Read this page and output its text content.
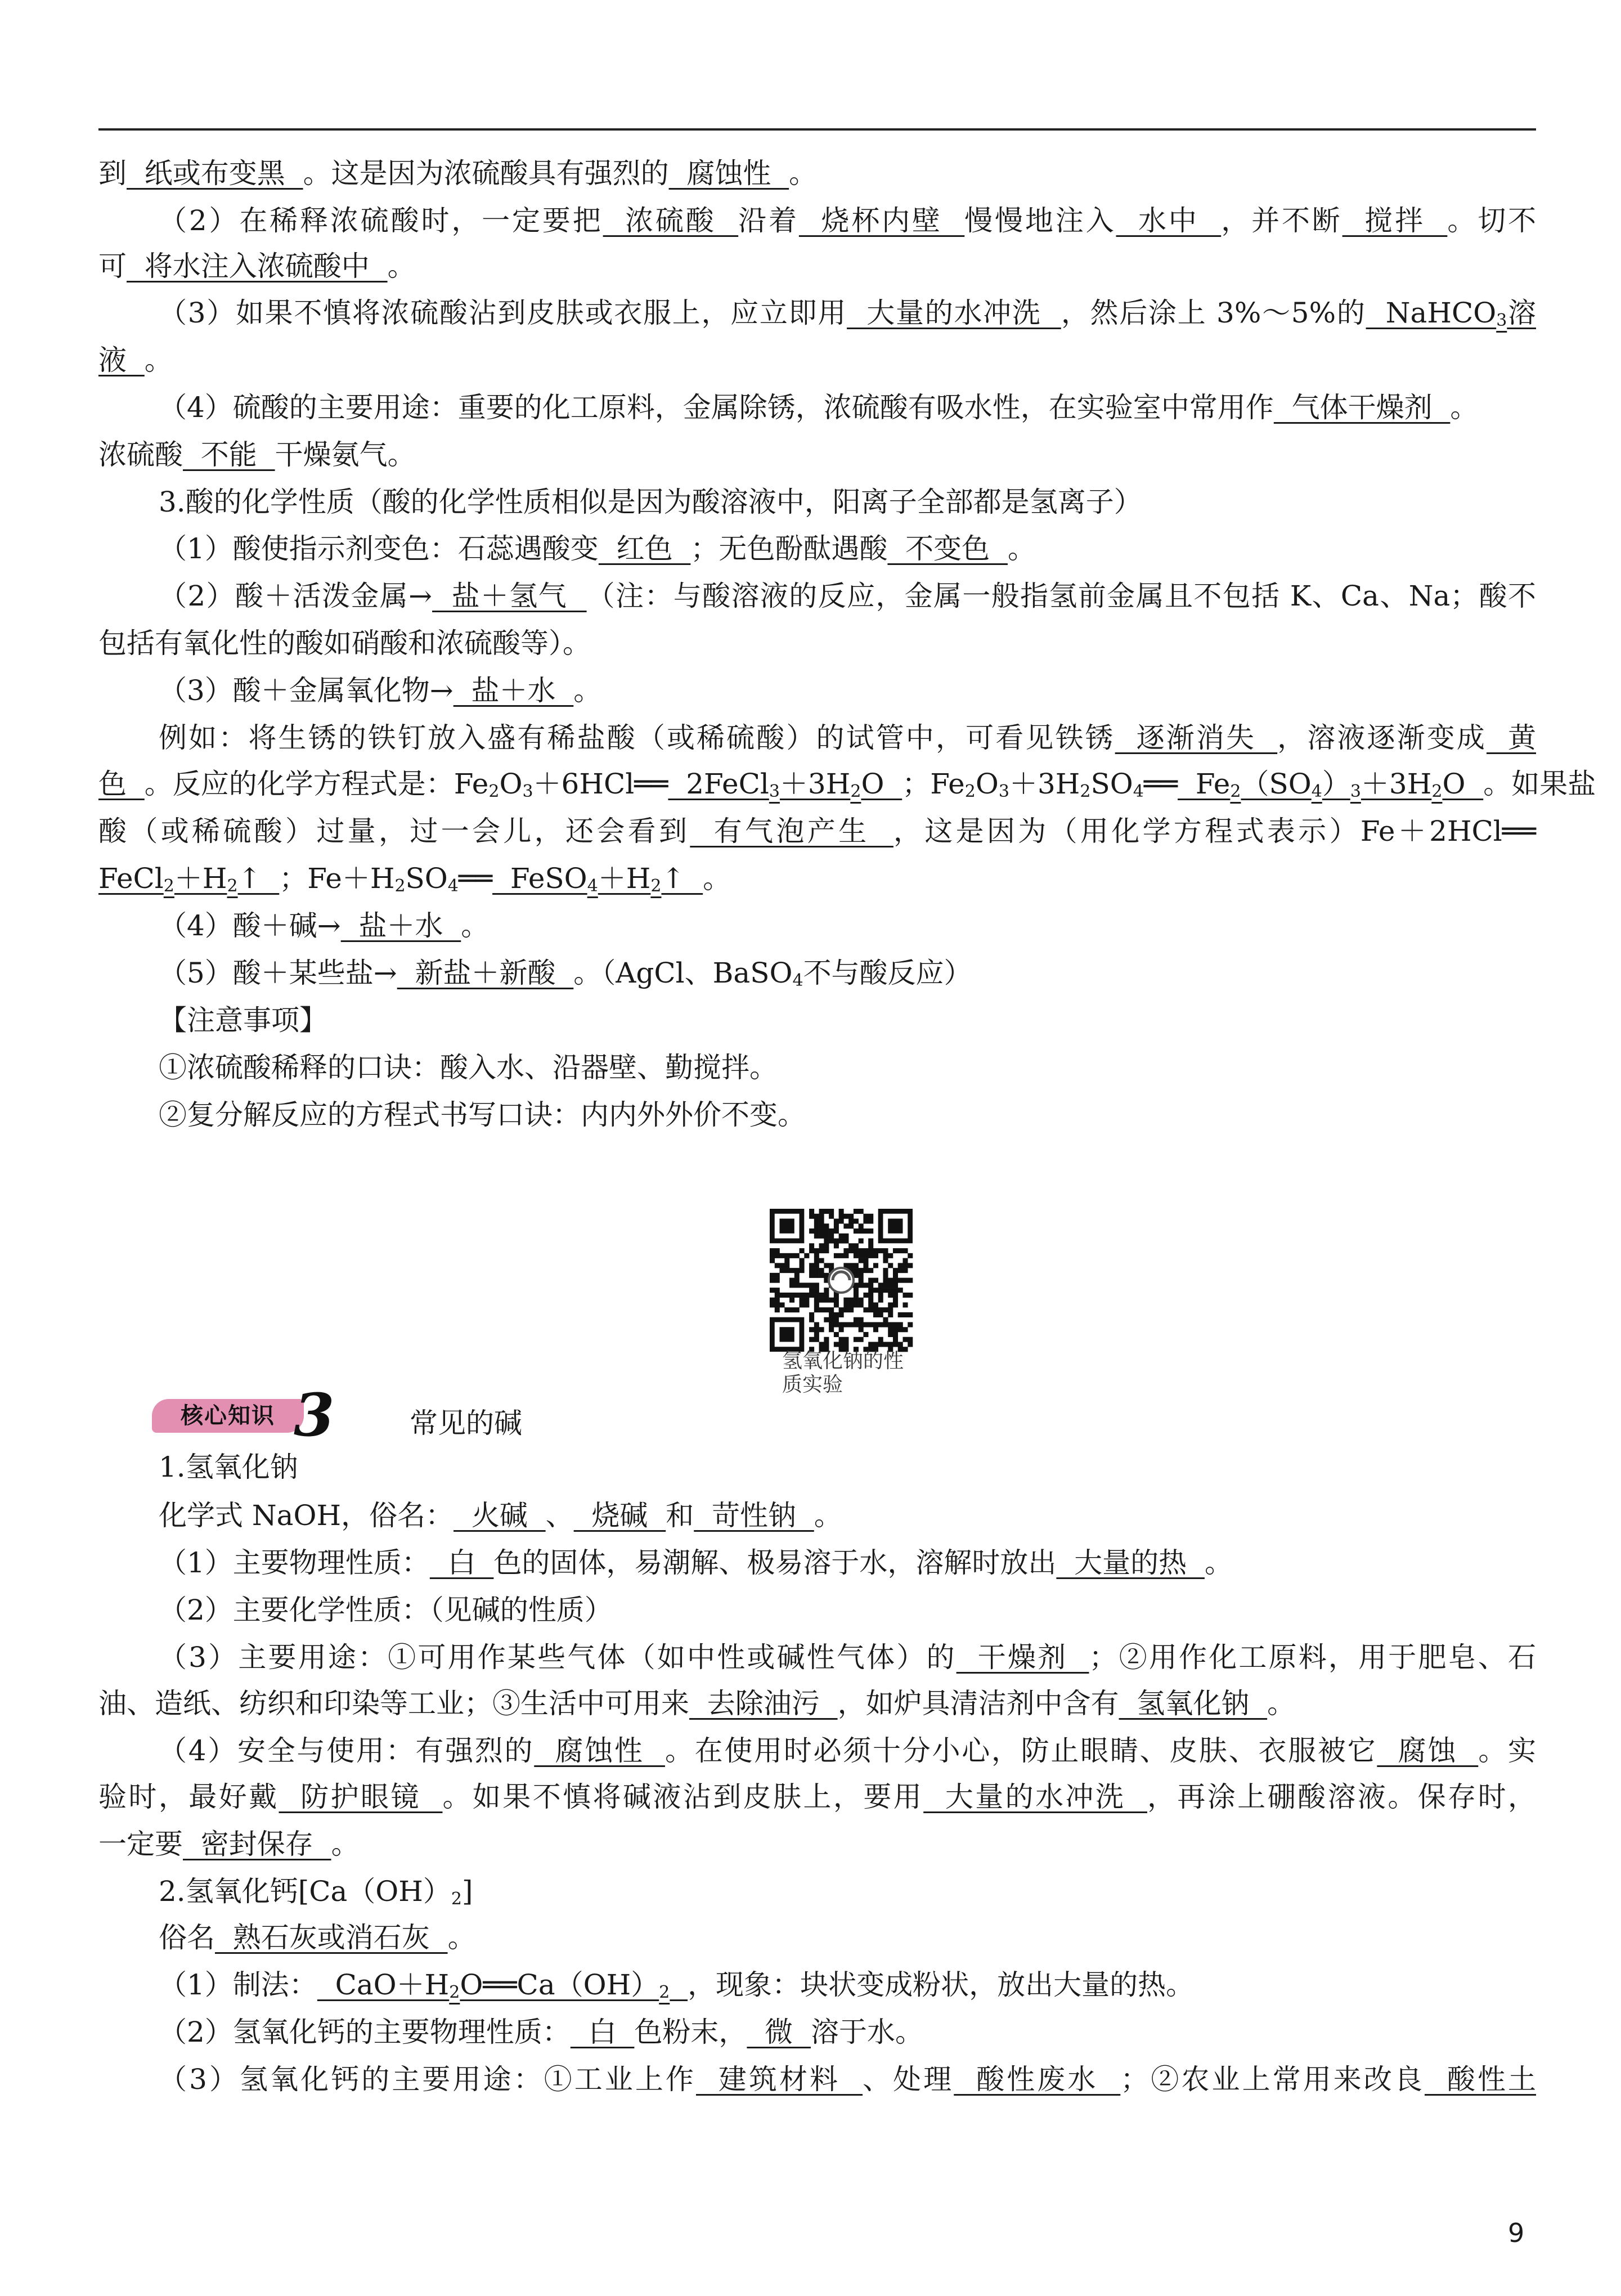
到  纸或布变黑  。这是因为浓硫酸具有强烈的  腐蚀性  。
（2）在稀释浓硫酸时，一定要把  浓硫酸  沿着  烧杯内壁  慢慢地注入  水中  ，并不断  搅拌  。切不
可  将水注入浓硫酸中  。
（3）如果不慎将浓硫酸沾到皮肤或衣服上，应立即用  大量的水冲洗  ，然后涂上 3%～5%的  NaHCO$_3$溶
液  。
（4）硫酸的主要用途：重要的化工原料，金属除锈，浓硫酸有吸水性，在实验室中常用作  气体干燥剂  。
浓硫酸  不能  干燥氨气。
3.酸的化学性质（酸的化学性质相似是因为酸溶液中，阳离子全部都是氢离子）
（1）酸使指示剂变色：石蕊遇酸变  红色  ；无色酚酞遇酸  不变色  。
（2）酸＋活泼金属→  盐＋氢气  （注：与酸溶液的反应，金属一般指氢前金属且不包括 K、Ca、Na；酸不
包括有氧化性的酸如硝酸和浓硫酸等）。
（3）酸＋金属氧化物→  盐＋水  。
例如：将生锈的铁钉放入盛有稀盐酸（或稀硫酸）的试管中，可看见铁锈  逐渐消失  ，溶液逐渐变成  黄
色  。反应的化学方程式是：$Fe_2O_3+6HCl══$  $2FeCl_3+3H_2O$  ；$Fe_2O_3+3H_2SO_4══$  $Fe_2(SO_4)_3+3H_2O$  。如果盐
酸（或稀硫酸）过量，过一会儿，还会看到  有气泡产生  ，这是因为（用化学方程式表示）Fe＋2HCl══
$FeCl_2+H_2↑$  ；$Fe+H_2SO_4══$  $FeSO_4+H_2↑$  。
（4）酸＋碱→  盐＋水  。
（5）酸＋某些盐→  新盐＋新酸  。（AgCl、BaSO$_4$不与酸反应）
【注意事项】
①浓硫酸稀释的口诀：酸入水、沿器壁、勤搅拌。
②复分解反应的方程式书写口诀：内内外外价不变。
1.氢氧化钠
化学式 NaOH，俗名：  火碱  、  烧碱  和  苛性钠  。
（1）主要物理性质：  白  色的固体，易潮解、极易溶于水，溶解时放出  大量的热  。
（2）主要化学性质：（见碱的性质）
（3）主要用途：①可用作某些气体（如中性或碱性气体）的  干燥剂  ；②用作化工原料，用于肥皂、石
油、造纸、纺织和印染等工业；③生活中可用来  去除油污  ，如炉具清洁剂中含有  氢氧化钠  。
（4）安全与使用：有强烈的  腐蚀性  。在使用时必须十分小心，防止眼睛、皮肤、衣服被它  腐蚀  。实
验时，最好戴  防护眼镜  。如果不慎将碱液沾到皮肤上，要用  大量的水冲洗  ，再涂上硼酸溶液。保存时，
一定要  密封保存  。
2.氢氧化钙$[Ca(OH)_2]$
俗名  熟石灰或消石灰  。
（1）制法：  $CaO+H_2O══Ca(OH)_2$ ，现象：块状变成粉状，放出大量的热。
（2）氢氧化钙的主要物理性质：  白  色粉末，  微  溶于水。
（3）氢氧化钙的主要用途：①工业上作  建筑材料  、处理  酸性废水  ；②农业上常用来改良  酸性土
氢氧化钠的性质实验
核心知识 3	常见的碱
9
